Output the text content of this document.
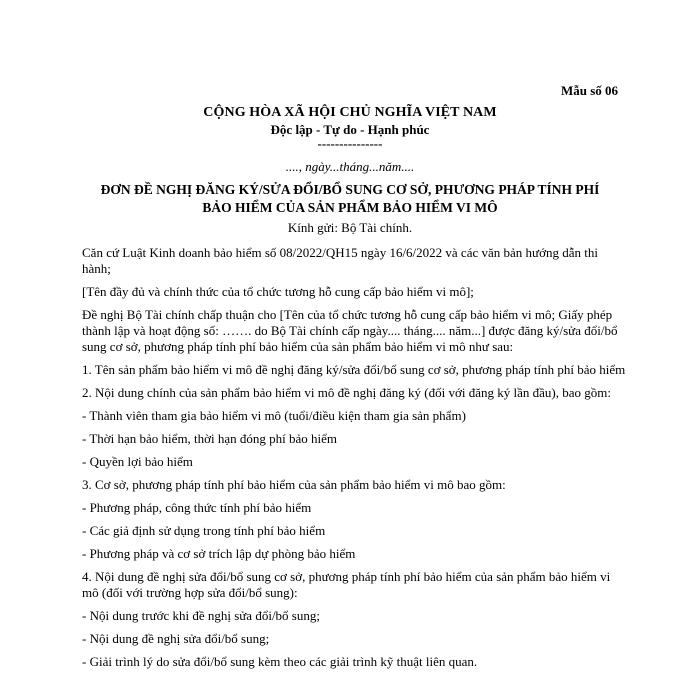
Mẫu số 06
CỘNG HÒA XÃ HỘI CHỦ NGHĨA VIỆT NAM
Độc lập - Tự do - Hạnh phúc
---------------
...., ngày...tháng...năm....
ĐƠN ĐỀ NGHỊ ĐĂNG KÝ/SỬA ĐỔI/BỔ SUNG CƠ SỞ, PHƯƠNG PHÁP TÍNH PHÍ
BẢO HIỂM CỦA SẢN PHẨM BẢO HIỂM VI MÔ
Kính gửi: Bộ Tài chính.

Căn cứ Luật Kinh doanh bảo hiểm số 08/2022/QH15 ngày 16/6/2022 và các văn bản hướng dẫn thi hành;

[Tên đầy đủ và chính thức của tổ chức tương hỗ cung cấp bảo hiểm vi mô];

Đề nghị Bộ Tài chính chấp thuận cho [Tên của tổ chức tương hỗ cung cấp bảo hiểm vi mô; Giấy phép thành lập và hoạt động số: ……. do Bộ Tài chính cấp ngày.... tháng.... năm...] được đăng ký/sửa đổi/bổ sung cơ sở, phương pháp tính phí bảo hiểm của sản phẩm bảo hiểm vi mô như sau:

1. Tên sản phẩm bảo hiểm vi mô đề nghị đăng ký/sửa đổi/bổ sung cơ sở, phương pháp tính phí bảo hiểm

2. Nội dung chính của sản phẩm bảo hiểm vi mô đề nghị đăng ký (đối với đăng ký lần đầu), bao gồm:

- Thành viên tham gia bảo hiểm vi mô (tuổi/điều kiện tham gia sản phẩm)

- Thời hạn bảo hiểm, thời hạn đóng phí bảo hiểm

- Quyền lợi bảo hiểm

3. Cơ sở, phương pháp tính phí bảo hiểm của sản phẩm bảo hiểm vi mô bao gồm:

- Phương pháp, công thức tính phí bảo hiểm

- Các giả định sử dụng trong tính phí bảo hiểm

- Phương pháp và cơ sở trích lập dự phòng bảo hiểm

4. Nội dung đề nghị sửa đổi/bổ sung cơ sở, phương pháp tính phí bảo hiểm của sản phẩm bảo hiểm vi mô (đối với trường hợp sửa đổi/bổ sung):

- Nội dung trước khi đề nghị sửa đổi/bổ sung;

- Nội dung đề nghị sửa đổi/bổ sung;

- Giải trình lý do sửa đổi/bổ sung kèm theo các giải trình kỹ thuật liên quan.
